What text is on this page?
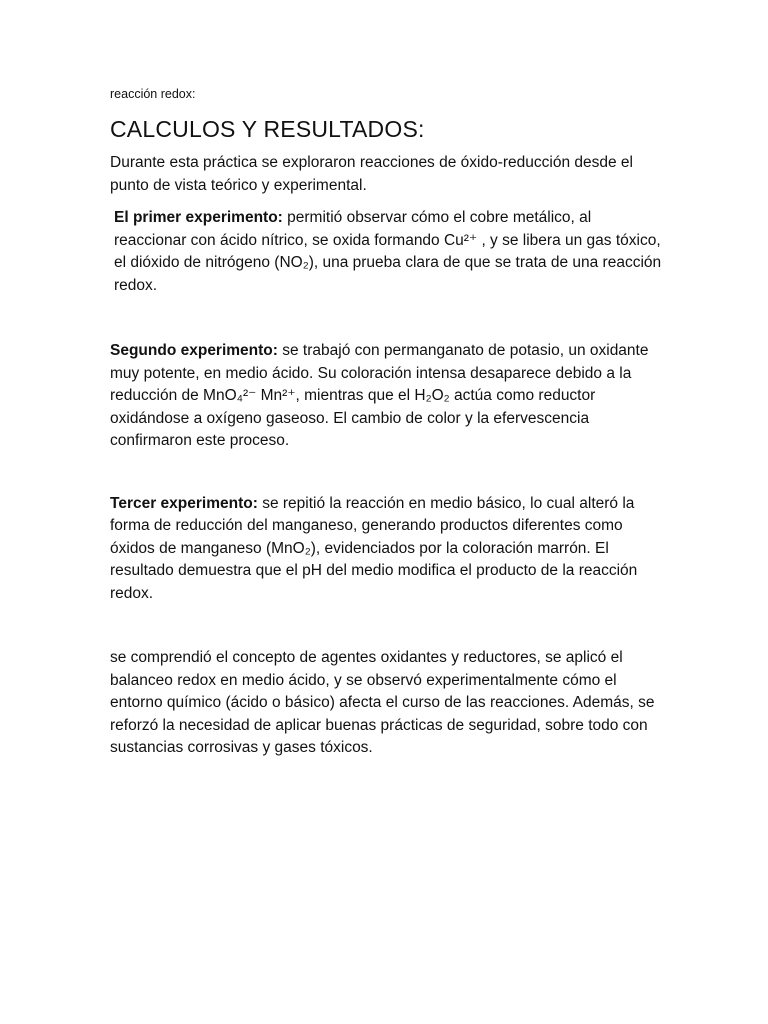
reacción redox:

CALCULOS Y RESULTADOS:

Durante esta práctica se exploraron reacciones de óxido-reducción desde el punto de vista teórico y experimental.

El primer experimento: permitió observar cómo el cobre metálico, al reaccionar con ácido nítrico, se oxida formando Cu²⁺ , y se libera un gas tóxico, el dióxido de nitrógeno (NO₂), una prueba clara de que se trata de una reacción redox.

Segundo experimento: se trabajó con permanganato de potasio, un oxidante muy potente, en medio ácido. Su coloración intensa desaparece debido a la reducción de MnO₄²⁻ Mn²⁺, mientras que el H₂O₂ actúa como reductor oxidándose a oxígeno gaseoso. El cambio de color y la efervescencia confirmaron este proceso.

Tercer experimento: se repitió la reacción en medio básico, lo cual alteró la forma de reducción del manganeso, generando productos diferentes como óxidos de manganeso (MnO₂), evidenciados por la coloración marrón. El resultado demuestra que el pH del medio modifica el producto de la reacción redox.

se comprendió el concepto de agentes oxidantes y reductores, se aplicó el balanceo redox en medio ácido, y se observó experimentalmente cómo el entorno químico (ácido o básico) afecta el curso de las reacciones. Además, se reforzó la necesidad de aplicar buenas prácticas de seguridad, sobre todo con sustancias corrosivas y gases tóxicos.
